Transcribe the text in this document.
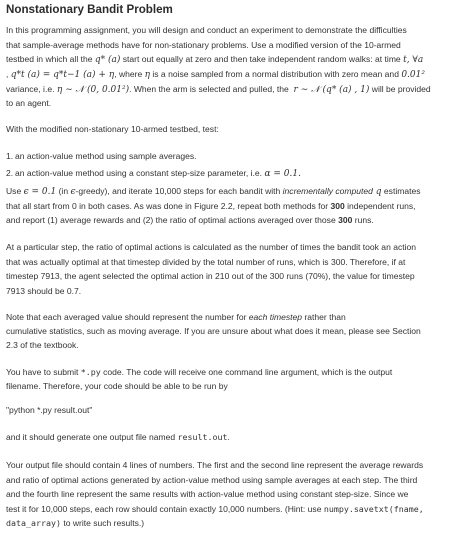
Nonstationary Bandit Problem
In this programming assignment, you will design and conduct an experiment to demonstrate the difficulties
that sample-average methods have for non-stationary problems. Use a modified version of the 10-armed
testbed in which all the q* (a) start out equally at zero and then take independent random walks: at time t, ∀a
, q*t (a) = q*t−1 (a) + η, where η is a noise sampled from a normal distribution with zero mean and 0.01²
variance, i.e. η ∼ 𝒩 (0, 0.01²). When the arm is selected and pulled, the  r ∼ 𝒩 (q* (a) , 1) will be provided
to an agent.
With the modified non-stationary 10-armed testbed, test:
1. an action-value method using sample averages.
2. an action-value method using a constant step-size parameter, i.e. α = 0.1.
Use ϵ = 0.1 (in ϵ-greedy), and iterate 10,000 steps for each bandit with incrementally computed q estimates
that all start from 0 in both cases. As was done in Figure 2.2, repeat both methods for 300 independent runs,
and report (1) average rewards and (2) the ratio of optimal actions averaged over those 300 runs.
At a particular step, the ratio of optimal actions is calculated as the number of times the bandit took an action
that was actually optimal at that timestep divided by the total number of runs, which is 300. Therefore, if at
timestep 7913, the agent selected the optimal action in 210 out of the 300 runs (70%), the value for timestep
7913 should be 0.7.
Note that each averaged value should represent the number for each timestep rather than
cumulative statistics, such as moving average. If you are unsure about what does it mean, please see Section
2.3 of the textbook.
You have to submit *.py code. The code will receive one command line argument, which is the output
filename. Therefore, your code should be able to be run by
"python *.py result.out"
and it should generate one output file named result.out.
Your output file should contain 4 lines of numbers. The first and the second line represent the average rewards
and ratio of optimal actions generated by action-value method using sample averages at each step. The third
and the fourth line represent the same results with action-value method using constant step-size. Since we
test it for 10,000 steps, each row should contain exactly 10,000 numbers. (Hint: use numpy.savetxt(fname,
data_array) to write such results.)
